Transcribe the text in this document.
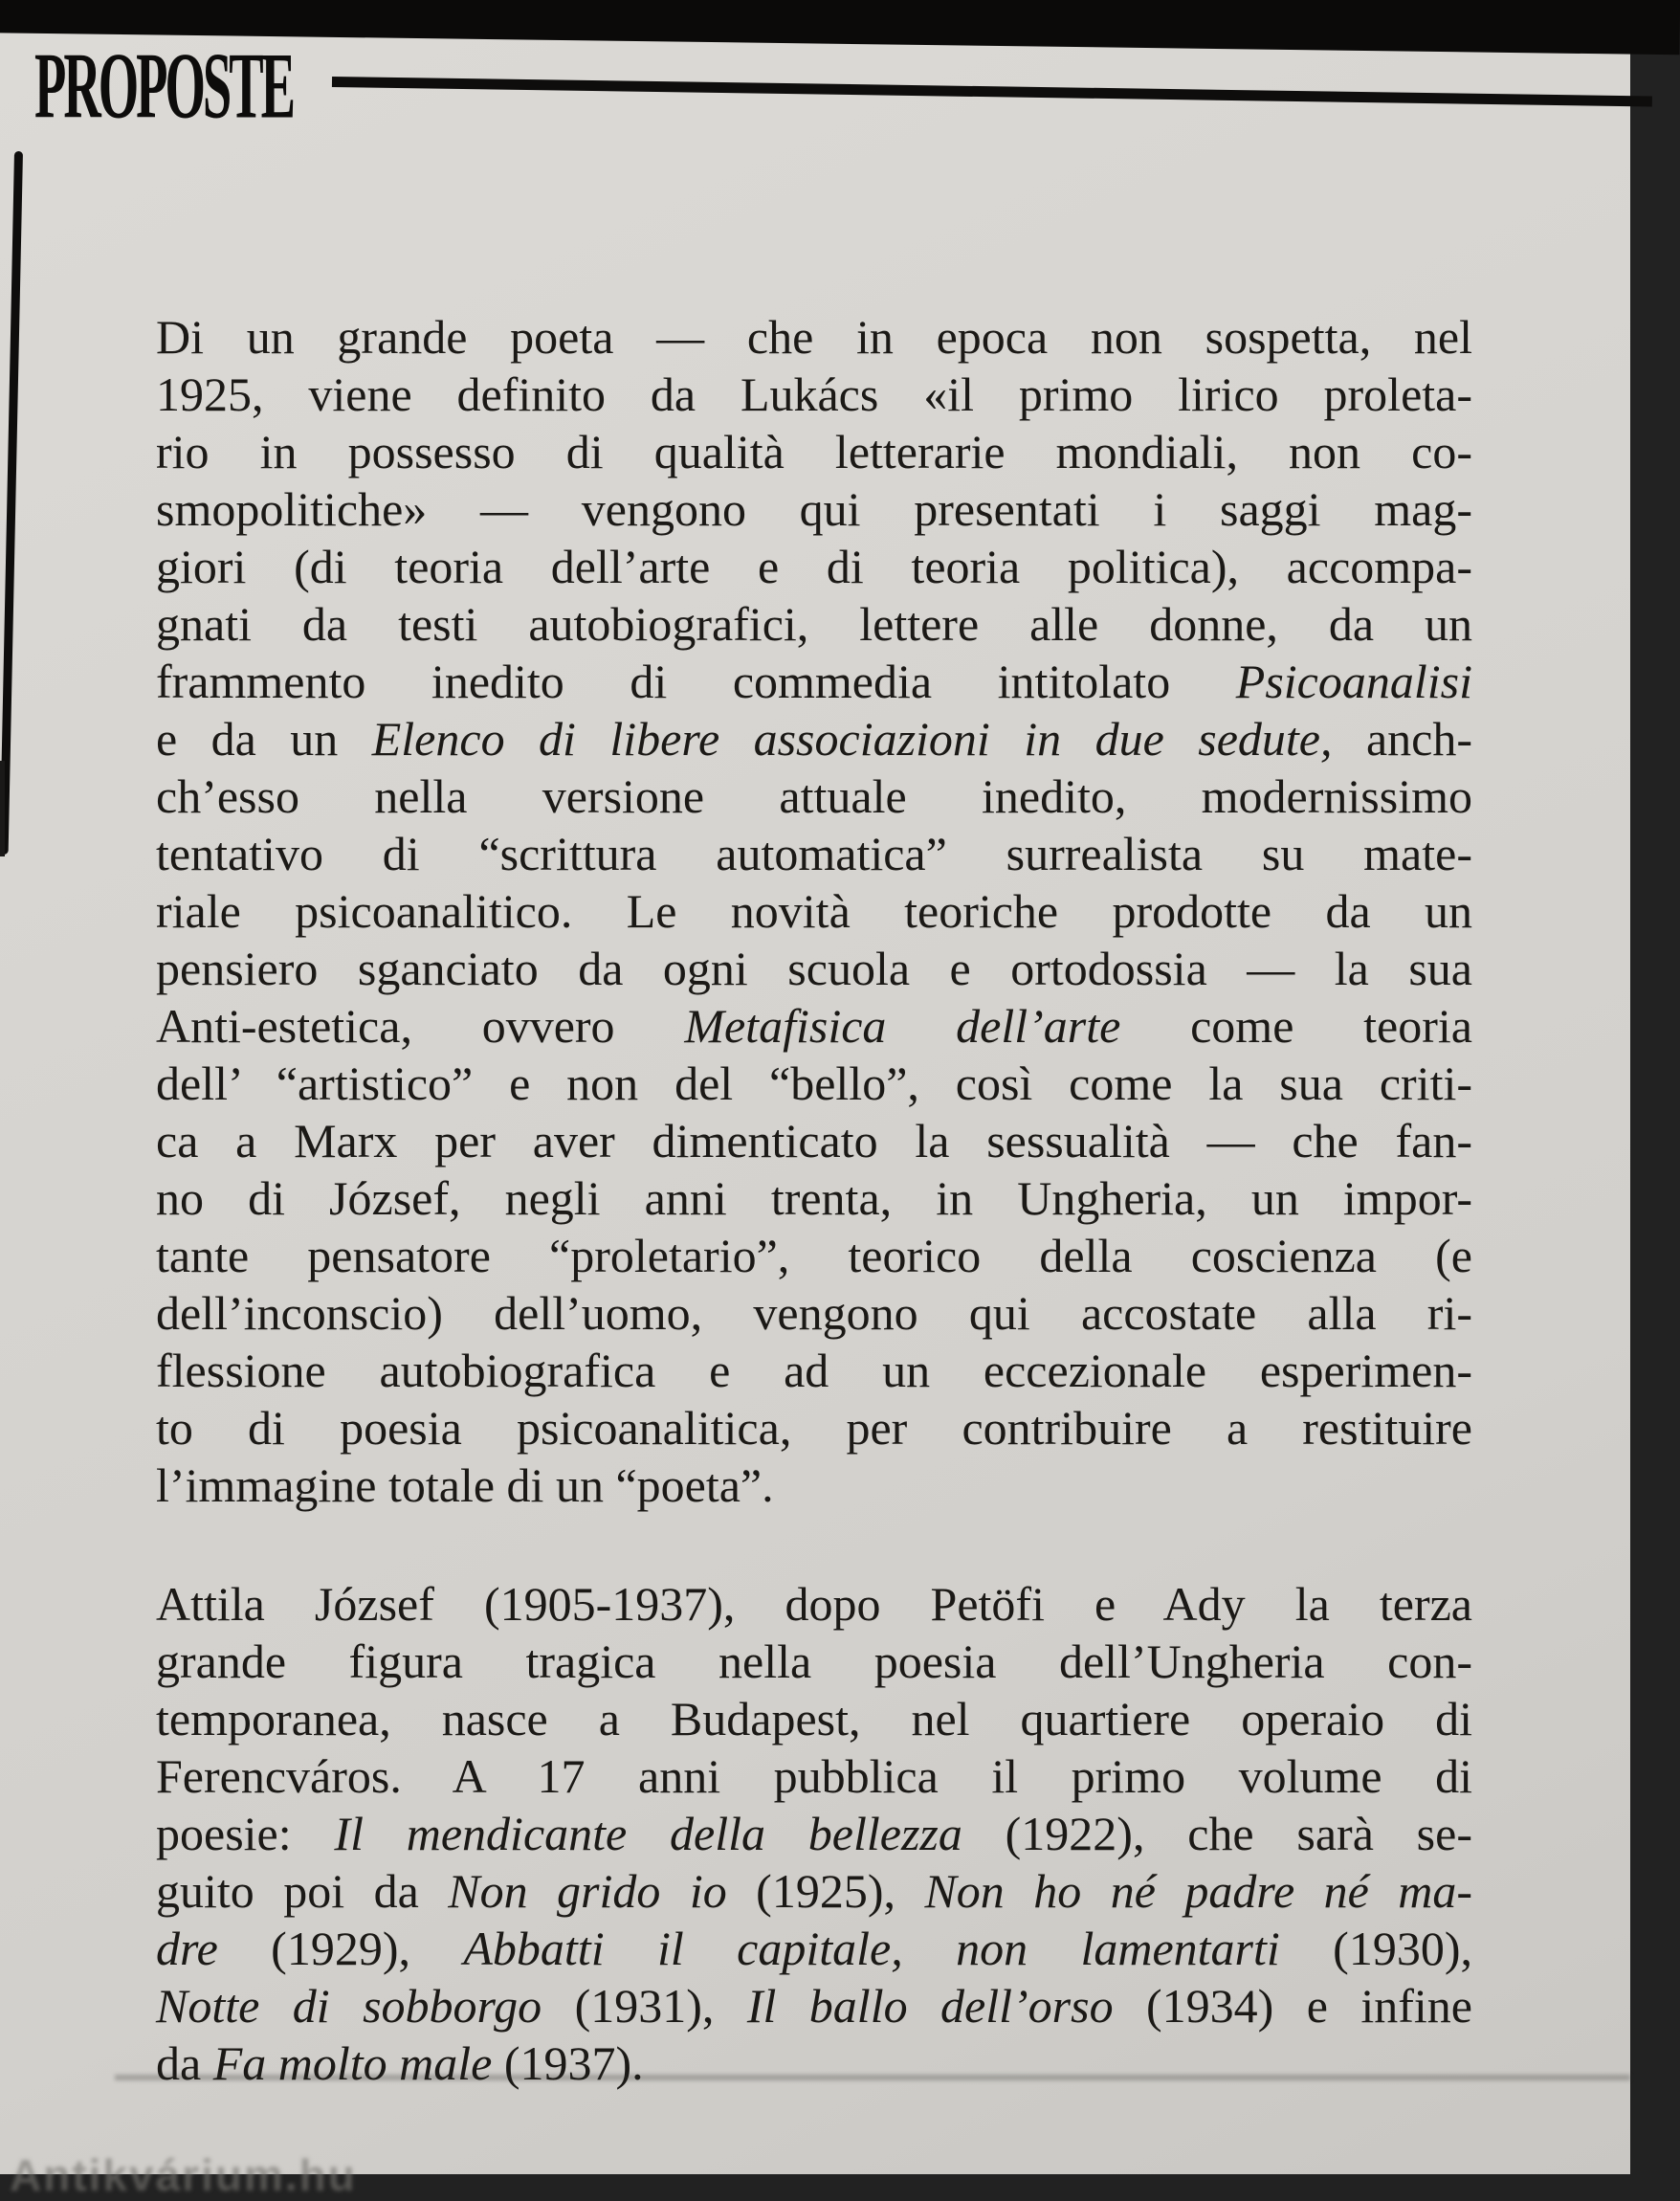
PROPOSTE
Di un grande poeta — che in epoca non sospetta, nel
1925, viene definito da Lukács «il primo lirico proleta-
rio in possesso di qualità letterarie mondiali, non co-
smopolitiche» — vengono qui presentati i saggi mag-
giori (di teoria dell’arte e di teoria politica), accompa-
gnati da testi autobiografici, lettere alle donne, da un
frammento inedito di commedia intitolato Psicoanalisi
e da un Elenco di libere associazioni in due sedute, anch-
ch’esso nella versione attuale inedito, modernissimo
tentativo di “scrittura automatica” surrealista su mate-
riale psicoanalitico. Le novità teoriche prodotte da un
pensiero sganciato da ogni scuola e ortodossia — la sua
Anti-estetica, ovvero Metafisica dell’arte come teoria
dell’ “artistico” e non del “bello”, così come la sua criti-
ca a Marx per aver dimenticato la sessualità — che fan-
no di József, negli anni trenta, in Ungheria, un impor-
tante pensatore “proletario”, teorico della coscienza (e
dell’inconscio) dell’uomo, vengono qui accostate alla ri-
flessione autobiografica e ad un eccezionale esperimen-
to di poesia psicoanalitica, per contribuire a restituire
l’immagine totale di un “poeta”.
Attila József (1905-1937), dopo Petöfi e Ady la terza
grande figura tragica nella poesia dell’Ungheria con-
temporanea, nasce a Budapest, nel quartiere operaio di
Ferencváros. A 17 anni pubblica il primo volume di
poesie: Il mendicante della bellezza (1922), che sarà se-
guito poi da Non grido io (1925), Non ho né padre né ma-
dre (1929), Abbatti il capitale, non lamentarti (1930),
Notte di sobborgo (1931), Il ballo dell’orso (1934) e infine
da Fa molto male (1937).
Antikvárium.hu
